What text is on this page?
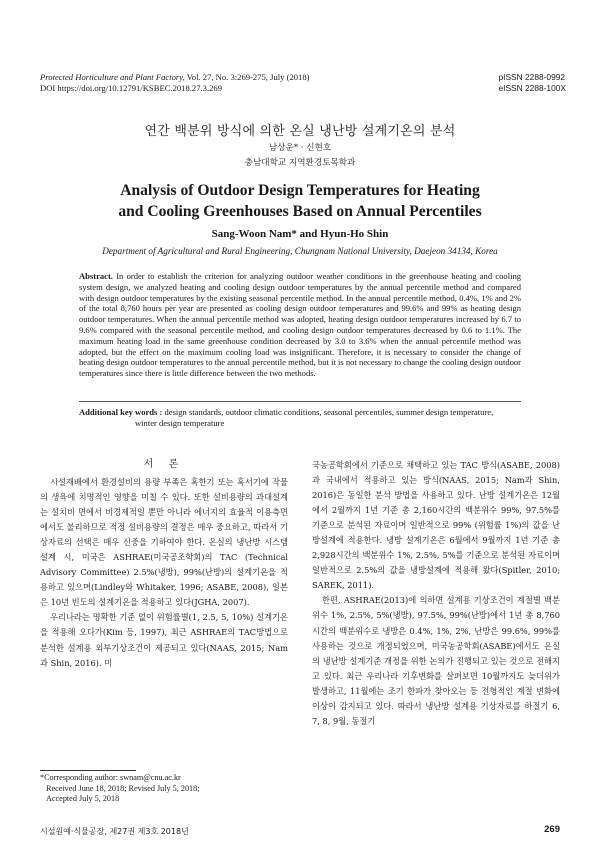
Protected Horticulture and Plant Factory, Vol. 27, No. 3:269-275, July (2018)
DOI https://doi.org/10.12791/KSBEC.2018.27.3.269
pISSN 2288-0992
eISSN 2288-100X
연간 백분위 방식에 의한 온실 냉난방 설계기온의 분석
남상운* · 신현호
충남대학교 지역환경토목학과
Analysis of Outdoor Design Temperatures for Heating
and Cooling Greenhouses Based on Annual Percentiles
Sang-Woon Nam* and Hyun-Ho Shin
Department of Agricultural and Rural Engineering, Chungnam National University, Daejeon 34134, Korea
Abstract. In order to establish the criterion for analyzing outdoor weather conditions in the greenhouse heating and cooling system design, we analyzed heating and cooling design outdoor temperatures by the annual percentile method and compared with design outdoor temperatures by the existing seasonal percentile method. In the annual percentile method, 0.4%, 1% and 2% of the total 8,760 hours per year are presented as cooling design outdoor temperatures and 99.6% and 99% as heating design outdoor temperatures. When the annual percentile method was adopted, heating design outdoor temperatures increased by 6.7 to 9.6% compared with the seasonal percentile method, and cooling design outdoor temperatures decreased by 0.6 to 1.1%. The maximum heating load in the same greenhouse condition decreased by 3.0 to 3.6% when the annual percentile method was adopted, but the effect on the maximum cooling load was insignificant. Therefore, it is necessary to consider the change of heating design outdoor temperatures to the annual percentile method, but it is not necessary to change the cooling design outdoor temperatures since there is little difference between the two methods.
Additional key words : design standards, outdoor climatic conditions, seasonal percentiles, summer design temperature,
winter design temperature
서 론

시설재배에서 환경설비의 용량 부족은 혹한기 또는 혹서기에 작물의 생육에 치명적인 영향을 미칠 수 있다. 또한 설비용량의 과대설계는 설치비 면에서 비경제적일 뿐만 아니라 에너지의 효율적 이용측면에서도 불리하므로 적정 설비용량의 결정은 매우 중요하고, 따라서 기상자료의 선택은 매우 신중을 기하여야 한다. 온실의 냉난방 시스템 설계 시, 미국은 ASHRAE(미국공조학회)의 TAC (Technical Advisory Committee) 2.5%(냉방), 99%(난방)의 설계기온을 적용하고 있으며(Lindley와 Whitaker, 1996; ASABE, 2008), 일본은 10년 빈도의 설계기온을 적용하고 있다(JGHA, 2007).

우리나라는 명확한 기준 없이 위험률별(1, 2.5, 5, 10%) 설계기온을 적용해 오다가(Kim 등, 1997), 최근 ASHRAE의 TAC방법으로 분석한 설계용 외부기상조건이 제공되고 있다(NAAS, 2015; Nam과 Shin, 2016). 미

국농공학회에서 기준으로 채택하고 있는 TAC 방식(ASABE, 2008)과 국내에서 적용하고 있는 방식(NAAS, 2015; Nam과 Shin, 2016)은 동일한 분석 방법을 사용하고 있다. 난방 설계기온은 12월에서 2월까지 1년 기준 총 2,160시간의 백분위수 99%, 97.5%를 기준으로 분석된 자료이며 일반적으로 99% (위험률 1%)의 값을 난방설계에 적용한다. 냉방 설계기온은 6월에서 9월까지 1년 기준 총 2,928시간의 백분위수 1%, 2.5%, 5%를 기준으로 분석된 자료이며 일반적으로 2.5%의 값을 냉방설계에 적용해 왔다(Spitler, 2010; SAREK, 2011).

한편, ASHRAE(2013)에 의하면 설계용 기상조건이 계절별 백분위수 1%, 2.5%, 5%(냉방), 97.5%, 99%(난방)에서 1년 총 8,760시간의 백분위수로 냉방은 0.4%, 1%, 2%, 난방은 99.6%, 99%를 사용하는 것으로 개정되었으며, 미국농공학회(ASABE)에서도 온실의 냉난방 설계기준 개정을 위한 논의가 진행되고 있는 것으로 전해지고 있다. 최근 우리나라 기후변화를 살펴보면 10월까지도 늦더위가 발생하고, 11월에는 조기 한파가 찾아오는 등 전형적인 계절 변화에 이상이 감지되고 있다. 따라서 냉난방 설계용 기상자료를 하절기 6, 7, 8, 9월, 동절기

*Corresponding author: swnam@cnu.ac.kr
Received June 18, 2018; Revised July 5, 2018;
Accepted July 5, 2018
시설원예·식물공장, 제27권 제3호 2018년	269
